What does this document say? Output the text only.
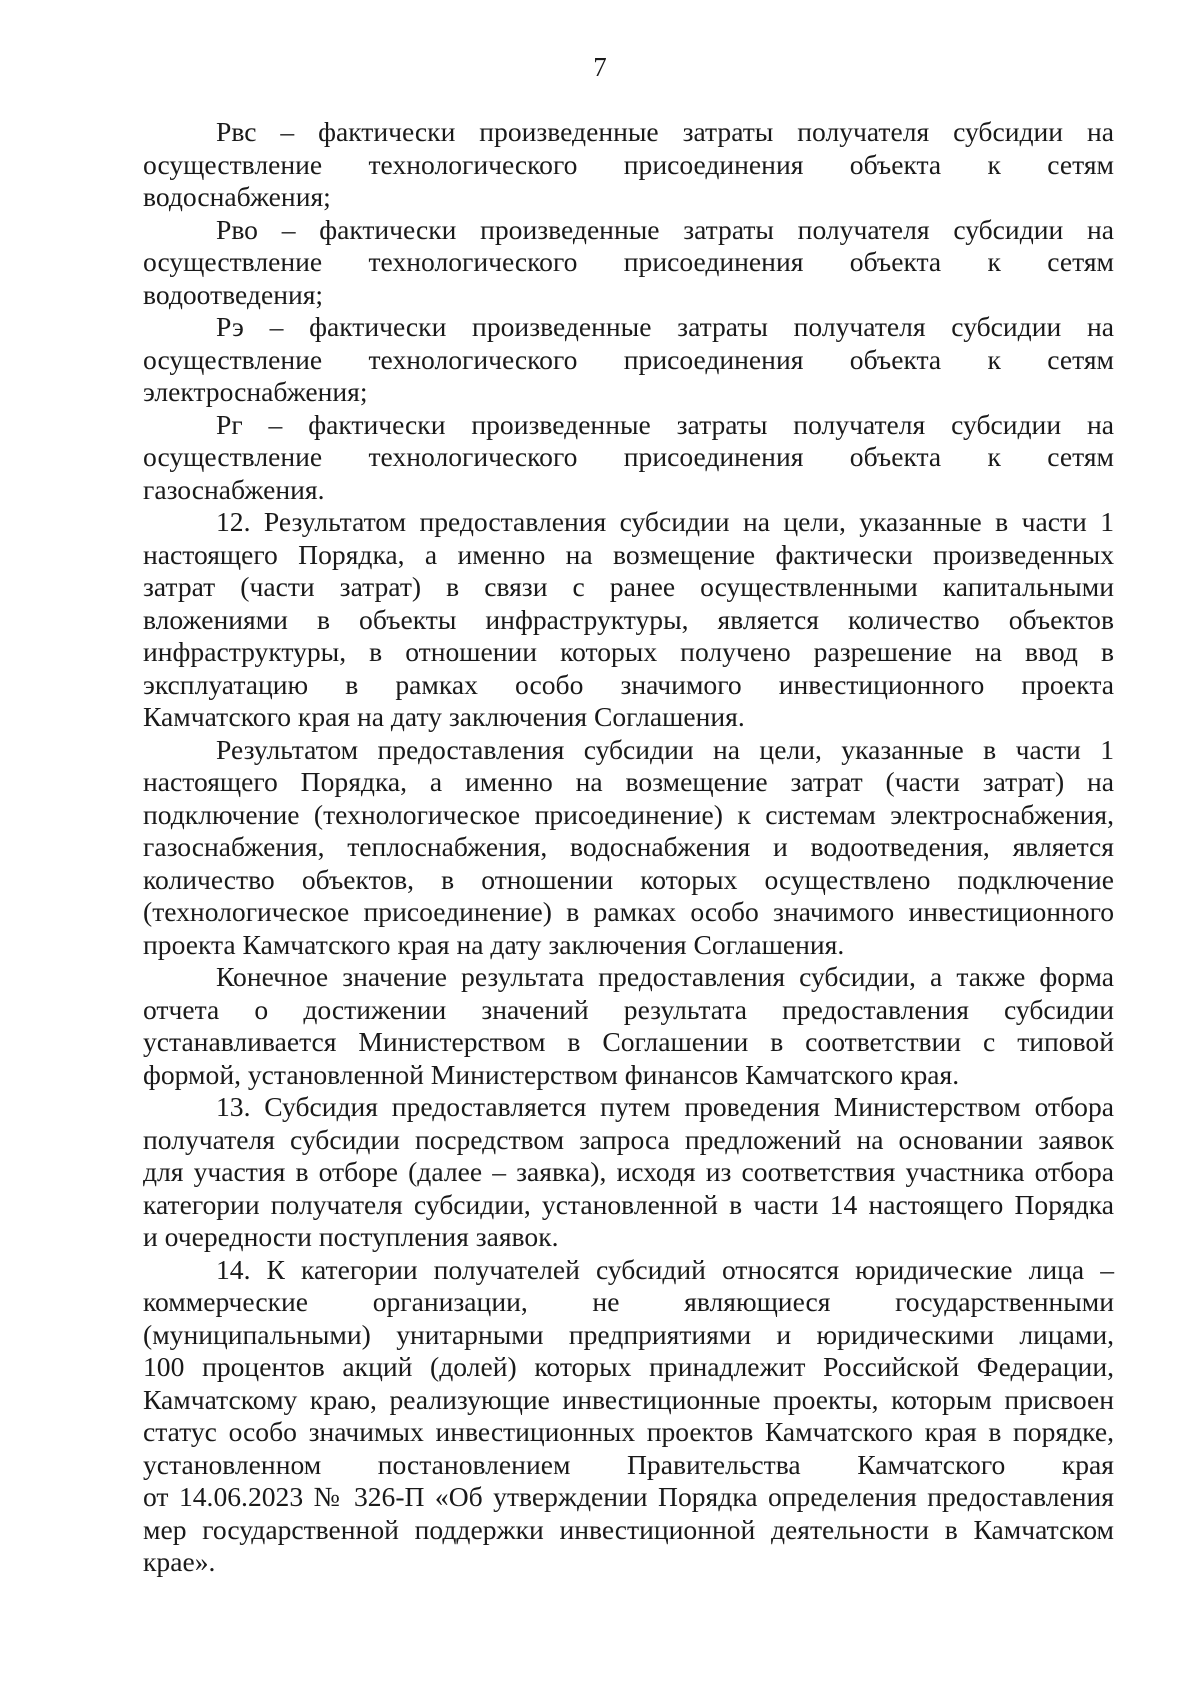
7
Рвс – фактически произведенные затраты получателя субсидии на
осуществление технологического присоединения объекта к сетям
водоснабжения;
Рво – фактически произведенные затраты получателя субсидии на
осуществление технологического присоединения объекта к сетям
водоотведения;
Рэ – фактически произведенные затраты получателя субсидии на
осуществление технологического присоединения объекта к сетям
электроснабжения;
Рг – фактически произведенные затраты получателя субсидии на
осуществление технологического присоединения объекта к сетям
газоснабжения.
12. Результатом предоставления субсидии на цели, указанные в части 1
настоящего Порядка, а именно на возмещение фактически произведенных
затрат (части затрат) в связи с ранее осуществленными капитальными
вложениями в объекты инфраструктуры, является количество объектов
инфраструктуры, в отношении которых получено разрешение на ввод в
эксплуатацию в рамках особо значимого инвестиционного проекта
Камчатского края на дату заключения Соглашения.
Результатом предоставления субсидии на цели, указанные в части 1
настоящего Порядка, а именно на возмещение затрат (части затрат) на
подключение (технологическое присоединение) к системам электроснабжения,
газоснабжения, теплоснабжения, водоснабжения и водоотведения, является
количество объектов, в отношении которых осуществлено подключение
(технологическое присоединение) в рамках особо значимого инвестиционного
проекта Камчатского края на дату заключения Соглашения.
Конечное значение результата предоставления субсидии, а также форма
отчета о достижении значений результата предоставления субсидии
устанавливается Министерством в Соглашении в соответствии с типовой
формой, установленной Министерством финансов Камчатского края.
13. Субсидия предоставляется путем проведения Министерством отбора
получателя субсидии посредством запроса предложений на основании заявок
для участия в отборе (далее – заявка), исходя из соответствия участника отбора
категории получателя субсидии, установленной в части 14 настоящего Порядка
и очередности поступления заявок.
14. К категории получателей субсидий относятся юридические лица –
коммерческие организации, не являющиеся государственными
(муниципальными) унитарными предприятиями и юридическими лицами,
100 процентов акций (долей) которых принадлежит Российской Федерации,
Камчатскому краю, реализующие инвестиционные проекты, которым присвоен
статус особо значимых инвестиционных проектов Камчатского края в порядке,
установленном постановлением Правительства Камчатского края
от 14.06.2023 № 326-П «Об утверждении Порядка определения предоставления
мер государственной поддержки инвестиционной деятельности в Камчатском
крае».
